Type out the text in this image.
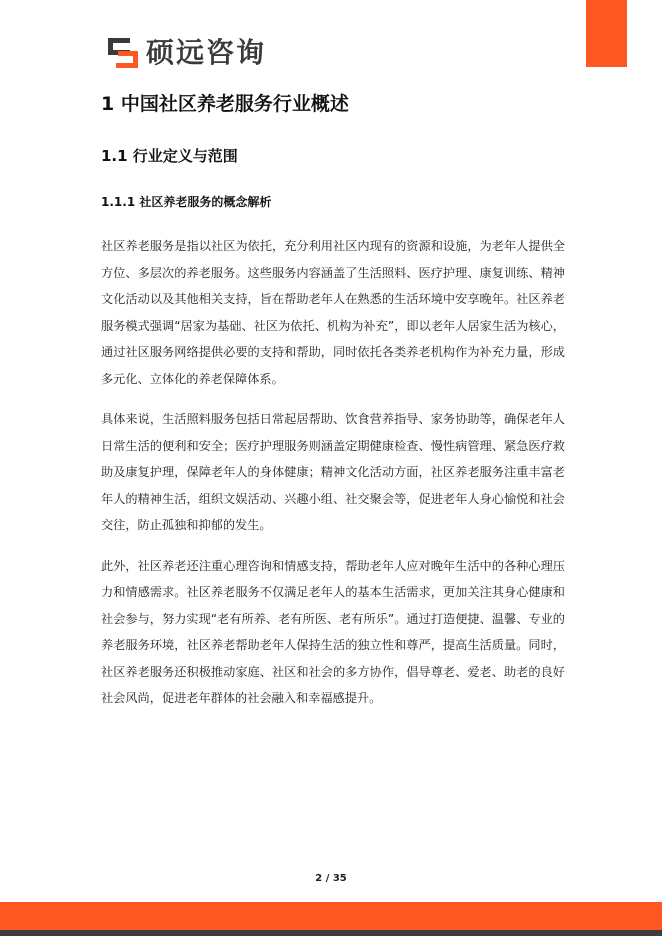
硕远咨询
1 中国社区养老服务行业概述
1.1 行业定义与范围
1.1.1 社区养老服务的概念解析

社区养老服务是指以社区为依托，充分利用社区内现有的资源和设施，为老年人提供全方位、多层次的养老服务。这些服务内容涵盖了生活照料、医疗护理、康复训练、精神文化活动以及其他相关支持，旨在帮助老年人在熟悉的生活环境中安享晚年。社区养老服务模式强调“居家为基础、社区为依托、机构为补充”，即以老年人居家生活为核心，通过社区服务网络提供必要的支持和帮助，同时依托各类养老机构作为补充力量，形成多元化、立体化的养老保障体系。

具体来说，生活照料服务包括日常起居帮助、饮食营养指导、家务协助等，确保老年人日常生活的便利和安全；医疗护理服务则涵盖定期健康检查、慢性病管理、紧急医疗救助及康复护理，保障老年人的身体健康；精神文化活动方面，社区养老服务注重丰富老年人的精神生活，组织文娱活动、兴趣小组、社交聚会等，促进老年人身心愉悦和社会交往，防止孤独和抑郁的发生。

此外，社区养老还注重心理咨询和情感支持，帮助老年人应对晚年生活中的各种心理压力和情感需求。社区养老服务不仅满足老年人的基本生活需求，更加关注其身心健康和社会参与，努力实现“老有所养、老有所医、老有所乐”。通过打造便捷、温馨、专业的养老服务环境，社区养老帮助老年人保持生活的独立性和尊严，提高生活质量。同时，社区养老服务还积极推动家庭、社区和社会的多方协作，倡导尊老、爱老、助老的良好社会风尚，促进老年群体的社会融入和幸福感提升。

2 / 35
